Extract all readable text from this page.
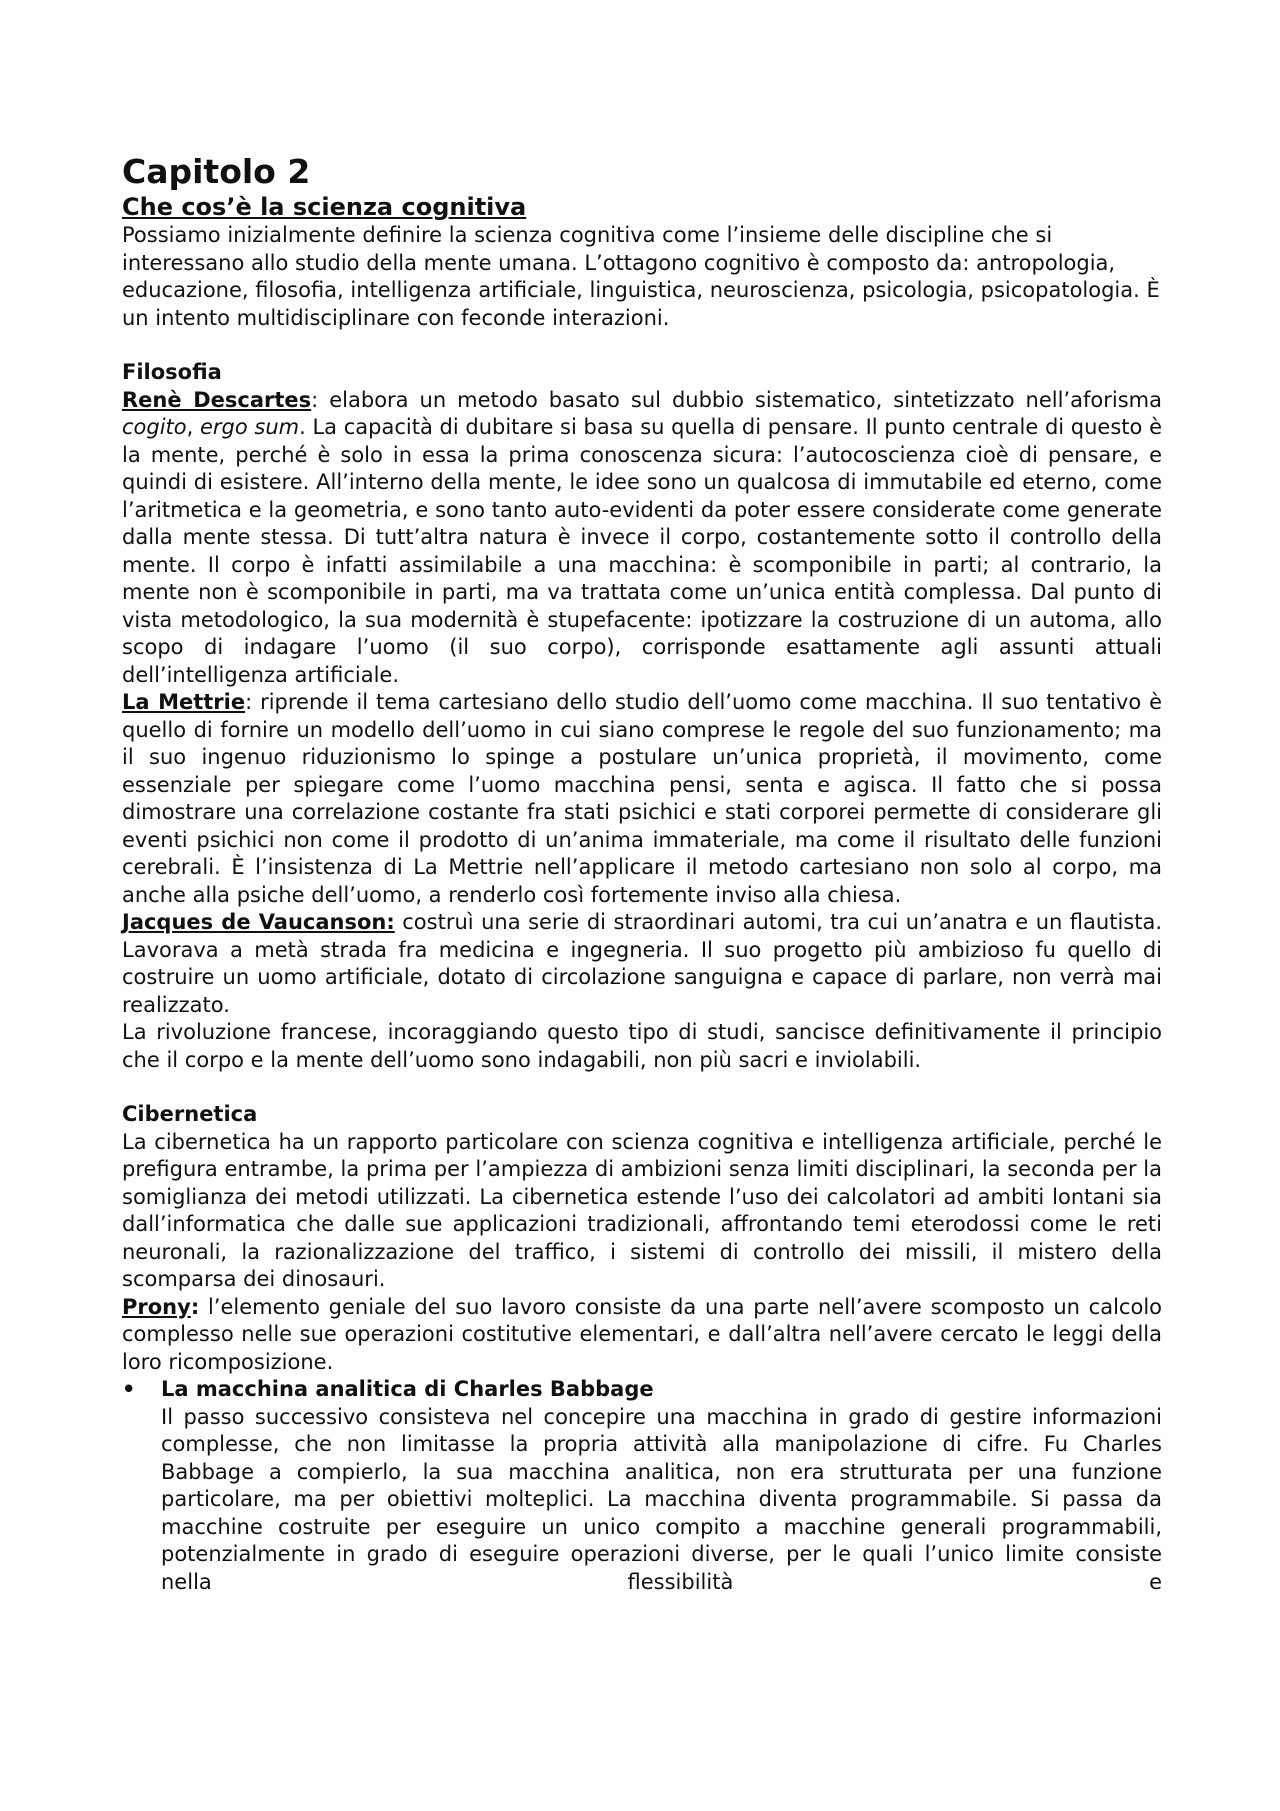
Capitolo 2
Che cos’è la scienza cognitiva

Possiamo inizialmente definire la scienza cognitiva come l’insieme delle discipline che si interessano allo studio della mente umana. L’ottagono cognitivo è composto da: antropologia, educazione, filosofia, intelligenza artificiale, linguistica, neuroscienza, psicologia, psicopatologia. È un intento multidisciplinare con feconde interazioni.

Filosofia

Renè Descartes: elabora un metodo basato sul dubbio sistematico, sintetizzato nell’aforisma cogito, ergo sum. La capacità di dubitare si basa su quella di pensare. Il punto centrale di questo è la mente, perché è solo in essa la prima conoscenza sicura: l’autocoscienza cioè di pensare, e quindi di esistere. All’interno della mente, le idee sono un qualcosa di immutabile ed eterno, come l’aritmetica e la geometria, e sono tanto auto-evidenti da poter essere considerate come generate dalla mente stessa. Di tutt’altra natura è invece il corpo, costantemente sotto il controllo della mente. Il corpo è infatti assimilabile a una macchina: è scomponibile in parti; al contrario, la mente non è scomponibile in parti, ma va trattata come un’unica entità complessa. Dal punto di vista metodologico, la sua modernità è stupefacente: ipotizzare la costruzione di un automa, allo scopo di indagare l’uomo (il suo corpo), corrisponde esattamente agli assunti attuali dell’intelligenza artificiale.

La Mettrie: riprende il tema cartesiano dello studio dell’uomo come macchina. Il suo tentativo è quello di fornire un modello dell’uomo in cui siano comprese le regole del suo funzionamento; ma il suo ingenuo riduzionismo lo spinge a postulare un’unica proprietà, il movimento, come essenziale per spiegare come l’uomo macchina pensi, senta e agisca. Il fatto che si possa dimostrare una correlazione costante fra stati psichici e stati corporei permette di considerare gli eventi psichici non come il prodotto di un’anima immateriale, ma come il risultato delle funzioni cerebrali. È l’insistenza di La Mettrie nell’applicare il metodo cartesiano non solo al corpo, ma anche alla psiche dell’uomo, a renderlo così fortemente inviso alla chiesa.

Jacques de Vaucanson: costruì una serie di straordinari automi, tra cui un’anatra e un flautista. Lavorava a metà strada fra medicina e ingegneria. Il suo progetto più ambizioso fu quello di costruire un uomo artificiale, dotato di circolazione sanguigna e capace di parlare, non verrà mai realizzato.

La rivoluzione francese, incoraggiando questo tipo di studi, sancisce definitivamente il principio che il corpo e la mente dell’uomo sono indagabili, non più sacri e inviolabili.

Cibernetica

La cibernetica ha un rapporto particolare con scienza cognitiva e intelligenza artificiale, perché le prefigura entrambe, la prima per l’ampiezza di ambizioni senza limiti disciplinari, la seconda per la somiglianza dei metodi utilizzati. La cibernetica estende l’uso dei calcolatori ad ambiti lontani sia dall’informatica che dalle sue applicazioni tradizionali, affrontando temi eterodossi come le reti neuronali, la razionalizzazione del traffico, i sistemi di controllo dei missili, il mistero della scomparsa dei dinosauri.

Prony: l’elemento geniale del suo lavoro consiste da una parte nell’avere scomposto un calcolo complesso nelle sue operazioni costitutive elementari, e dall’altra nell’avere cercato le leggi della loro ricomposizione.

• La macchina analitica di Charles Babbage

Il passo successivo consisteva nel concepire una macchina in grado di gestire informazioni complesse, che non limitasse la propria attività alla manipolazione di cifre. Fu Charles Babbage a compierlo, la sua macchina analitica, non era strutturata per una funzione particolare, ma per obiettivi molteplici. La macchina diventa programmabile. Si passa da macchine costruite per eseguire un unico compito a macchine generali programmabili, potenzialmente in grado di eseguire operazioni diverse, per le quali l’unico limite consiste nella flessibilità e
